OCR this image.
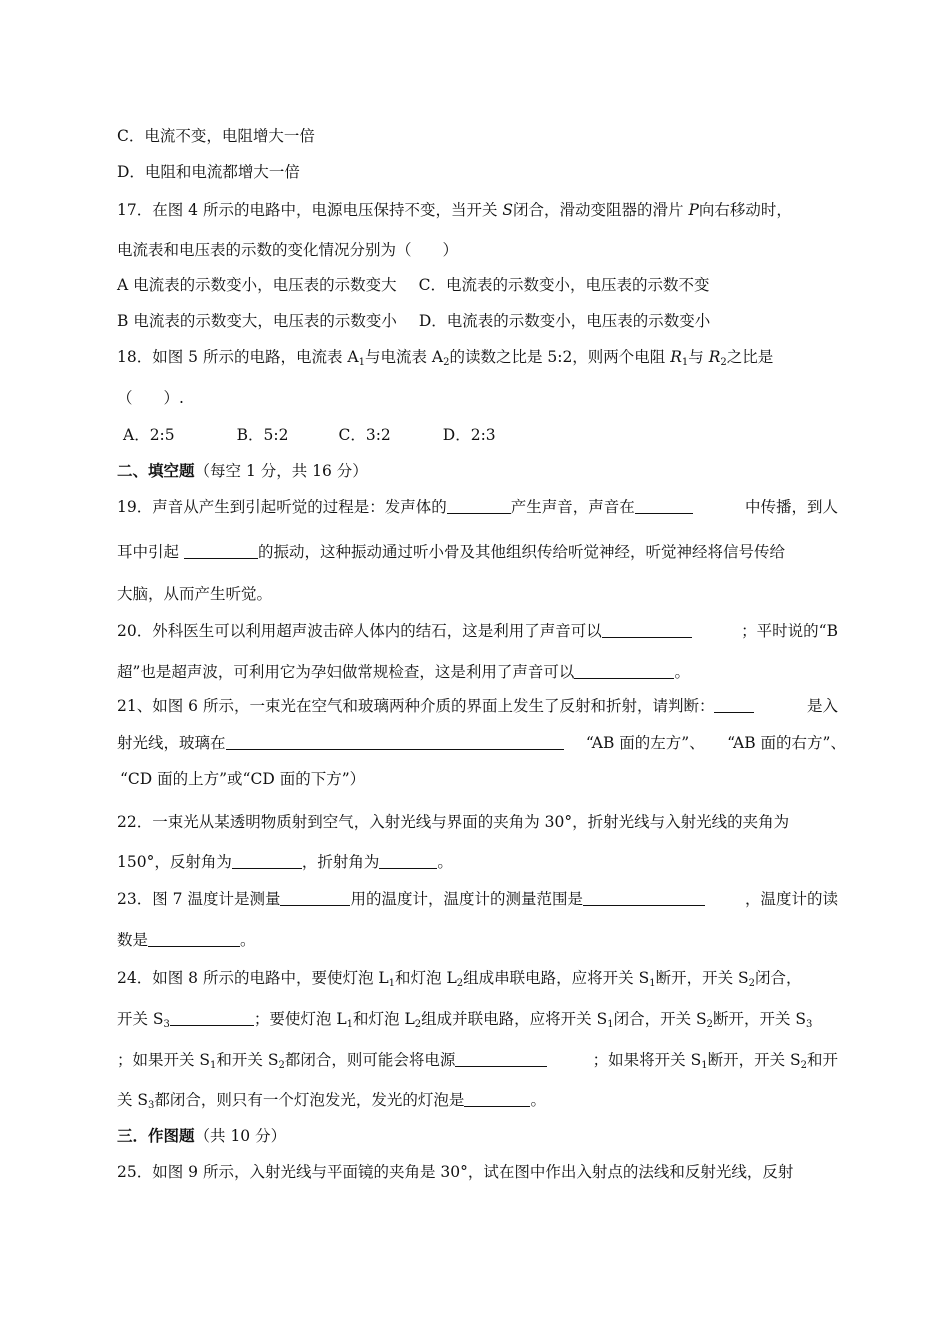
C．电流不变，电阻增大一倍
D．电阻和电流都增大一倍
17．在图 4 所示的电路中，电源电压保持不变，当开关 S闭合，滑动变阻器的滑片 P向右移动时，
电流表和电压表的示数的变化情况分别为（　　）
A 电流表的示数变小，电压表的示数变大 C．电流表的示数变小，电压表的示数不变
B 电流表的示数变大，电压表的示数变小 D．电流表的示数变小，电压表的示数变小
18．如图 5 所示的电路，电流表 $A_1$与电流表 $A_2$的读数之比是 5:2，则两个电阻 $R_1$与 $R_2$之比是
（　　）.
A．2:5	B．5:2	C．3:2	D．2:3
二、填空题（每空 1 分，共 16 分）
19．声音从产生到引起听觉的过程是：发声体的	产生声音，声音在	中传播，到人
耳中引起	的振动，这种振动通过听小骨及其他组织传给听觉神经，听觉神经将信号传给
大脑，从而产生听觉。
20．外科医生可以利用超声波击碎人体内的结石，这是利用了声音可以	；平时说的“B
超”也是超声波，可利用它为孕妇做常规检查，这是利用了声音可以	。
21、如图 6 所示，一束光在空气和玻璃两种介质的界面上发生了反射和折射，请判断：	是入
射光线，玻璃在	“AB 面的左方”、 “AB 面的右方”、
“CD 面的上方”或“CD 面的下方”）
22．一束光从某透明物质射到空气，入射光线与界面的夹角为 30°，折射光线与入射光线的夹角为
150°，反射角为	，折射角为	。
23．图 7 温度计是测量	用的温度计，温度计的测量范围是	，温度计的读
数是	。
24．如图 8 所示的电路中，要使灯泡 $L_1$和灯泡 $L_2$组成串联电路，应将开关 $S_1$断开，开关 $S_2$闭合，
开关 $S_3$	；要使灯泡 $L_1$和灯泡 $L_2$组成并联电路，应将开关 $S_1$闭合，开关 $S_2$断开，开关 $S_3$
；如果开关 $S_1$和开关 $S_2$都闭合，则可能会将电源	；如果将开关 $S_1$断开，开关 $S_2$和开
关 $S_3$都闭合，则只有一个灯泡发光，发光的灯泡是	。
三．作图题（共 10 分）
25．如图 9 所示，入射光线与平面镜的夹角是 30°，试在图中作出入射点的法线和反射光线，反射
